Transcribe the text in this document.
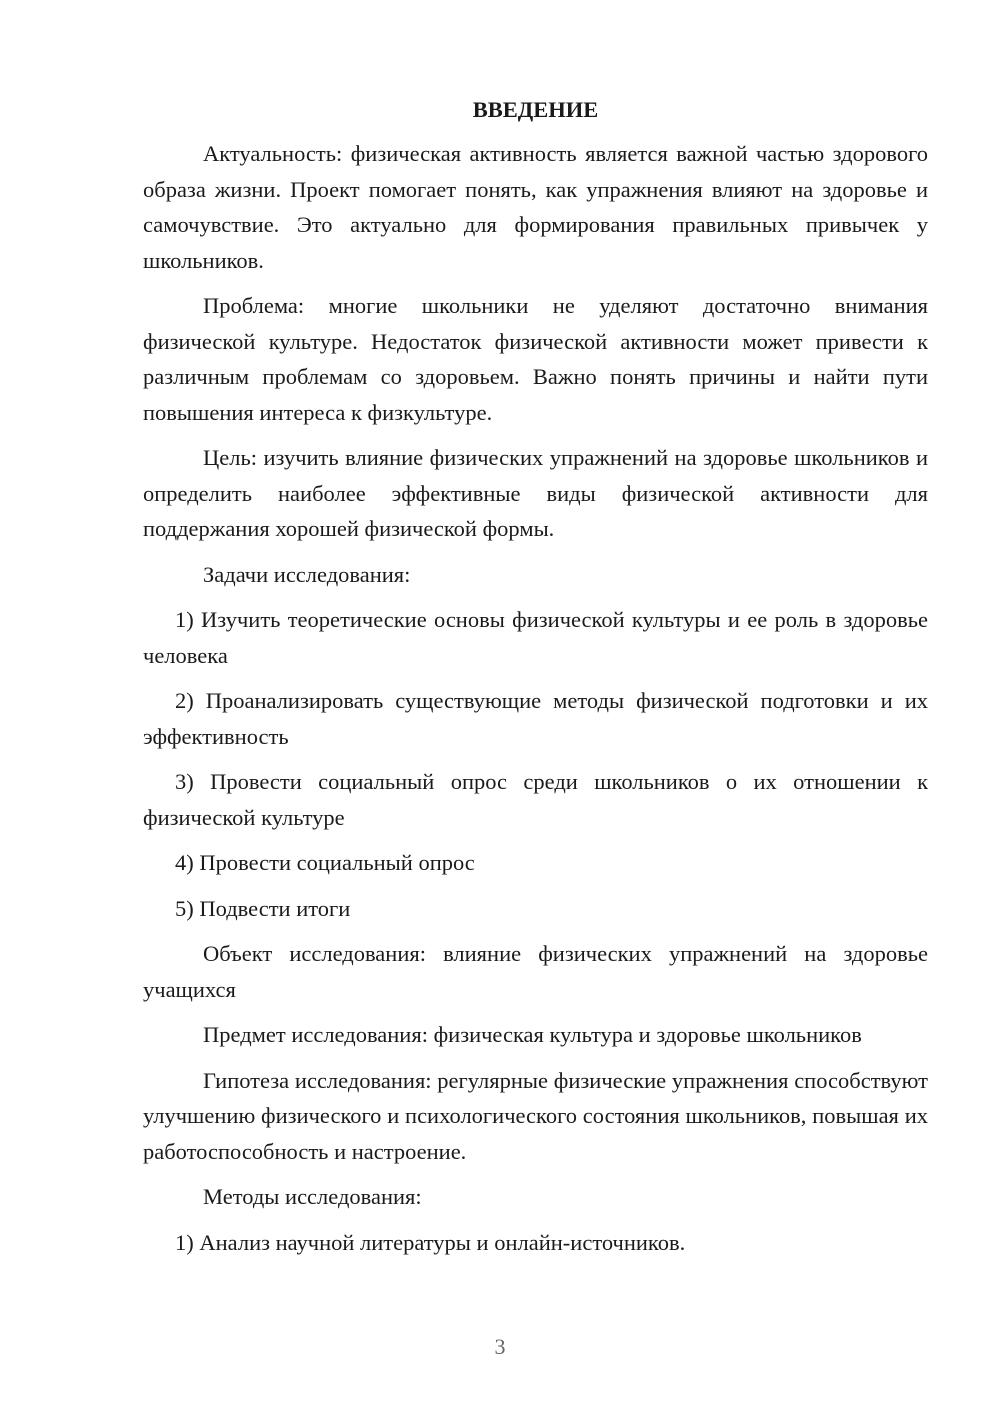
ВВЕДЕНИЕ

Актуальность: физическая активность является важной частью здорового образа жизни. Проект помогает понять, как упражнения влияют на здоровье и самочувствие. Это актуально для формирования правильных привычек у школьников.

Проблема: многие школьники не уделяют достаточно внимания физической культуре. Недостаток физической активности может привести к различным проблемам со здоровьем. Важно понять причины и найти пути повышения интереса к физкультуре.

Цель: изучить влияние физических упражнений на здоровье школьников и определить наиболее эффективные виды физической активности для поддержания хорошей физической формы.

Задачи исследования:

1) Изучить теоретические основы физической культуры и ее роль в здоровье человека

2) Проанализировать существующие методы физической подготовки и их эффективность

3) Провести социальный опрос среди школьников о их отношении к физической культуре

4) Провести социальный опрос

5) Подвести итоги

Объект исследования: влияние физических упражнений на здоровье учащихся

Предмет исследования: физическая культура и здоровье школьников

Гипотеза исследования: регулярные физические упражнения способствуют улучшению физического и психологического состояния школьников, повышая их работоспособность и настроение.

Методы исследования:

1) Анализ научной литературы и онлайн-источников.

3
